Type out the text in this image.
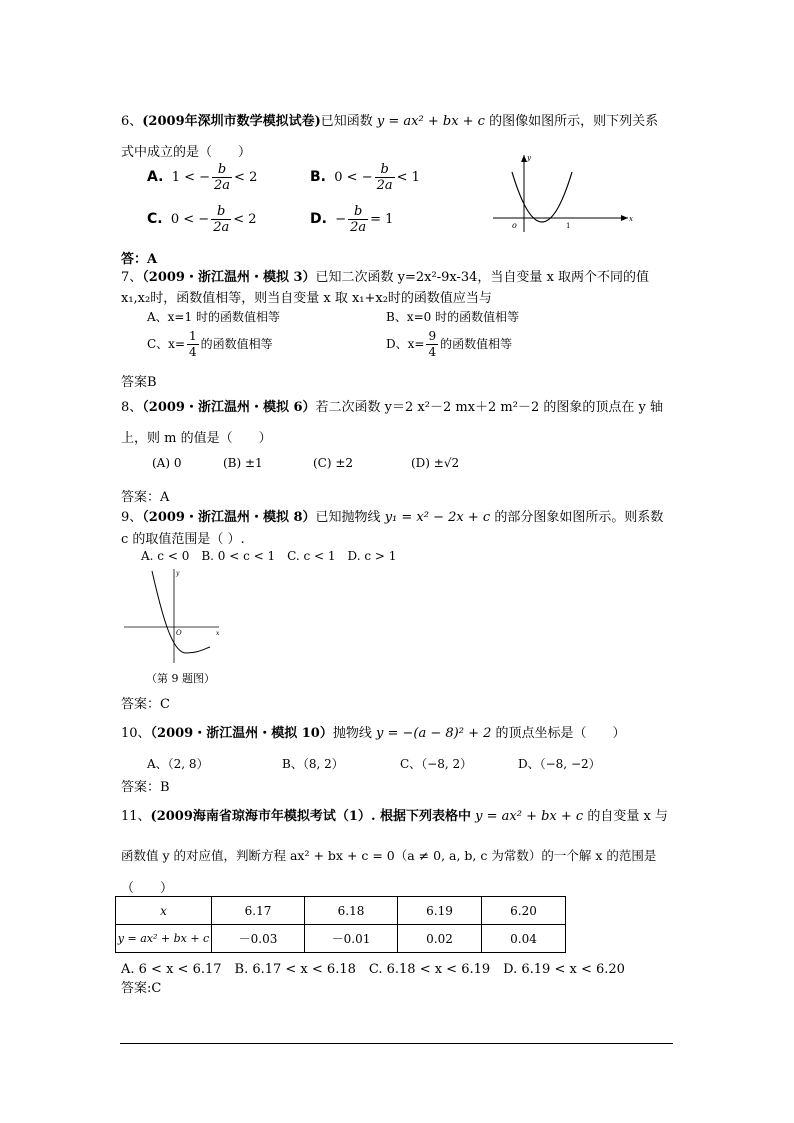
6、(2009年深圳市数学模拟试卷)已知函数 y = ax² + bx + c 的图像如图所示，则下列关系
式中成立的是（　　）
A. 1 < − $\frac{b}{2a} < 2$	B. 0 < − $\frac{b}{2a} < 1$
C. 0 < − $\frac{b}{2a} < 2$	D. − $\frac{b}{2a} = 1$	o
x
y
1
答：A
7、（2009・浙江温州・模拟 3）已知二次函数 y=2x²-9x-34，当自变量 x 取两个不同的值
x₁,x₂时，函数值相等，则当自变量 x 取 x₁+x₂时的函数值应当与
A、x=1 时的函数值相等	B、x=0 时的函数值相等
C、$x= \frac{1}{4}$ 的函数值相等	D、$x= \frac{9}{4}$ 的函数值相等
答案B
8、（2009・浙江温州・模拟 6）若二次函数 y＝2 x²－2 mx＋2 m²－2 的图象的顶点在 y 轴
上，则 m 的值是（　　）
(A) 0	(B) ±1	(C) ±2	(D) ±√2
答案：A
9、（2009・浙江温州・模拟 8）已知抛物线 y₁ = x² − 2x + c 的部分图象如图所示。则系数
c 的取值范围是（ ）.
A. c < 0　B. 0 < c < 1　C. c < 1　D. c > 1
O	x
y
（第 9 题图）
答案：C
10、（2009・浙江温州・模拟 10）抛物线 y = −(a − 8)² + 2 的顶点坐标是（　　）
A、（2, 8）	B、（8, 2）	C、（−8, 2）	D、（−8, −2）
答案：B
11、(2009海南省琼海市年模拟考试（1）. 根据下列表格中 y = ax² + bx + c 的自变量 x 与
函数值 y 的对应值，判断方程 ax² + bx + c = 0（a ≠ 0, a, b, c 为常数）的一个解 x 的范围是
（　　）
x	6.17	6.18	6.19	6.20
y = ax² + bx + c	－0.03	－0.01	0.02	0.04
A. 6 < x < 6.17　B. 6.17 < x < 6.18　C. 6.18 < x < 6.19　D. 6.19 < x < 6.20
答案:C
